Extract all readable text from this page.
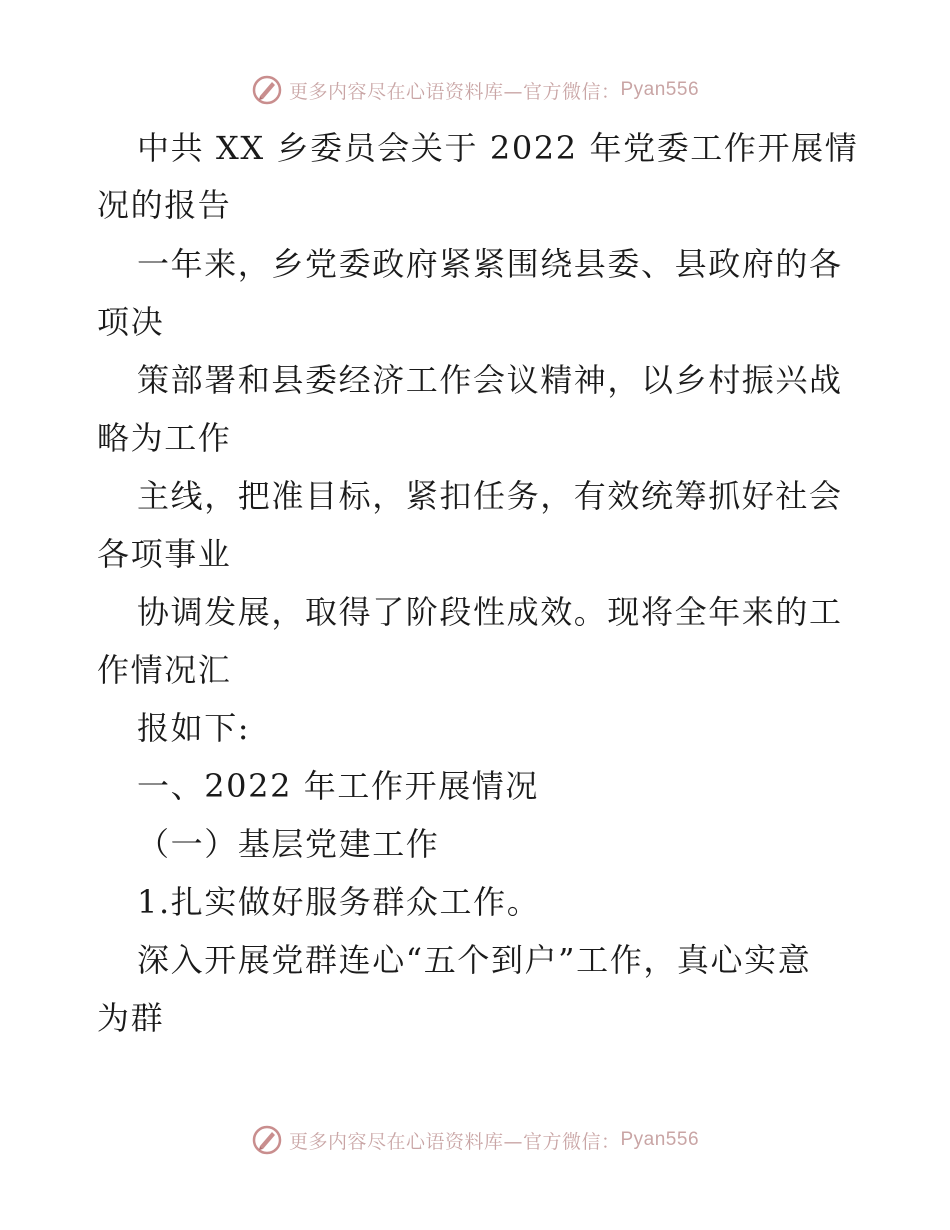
更多内容尽在心语资料库—官方微信： Pyan556
中共 XX 乡委员会关于 2022 年党委工作开展情
况的报告
一年来，乡党委政府紧紧围绕县委、县政府的各
项决
策部署和县委经济工作会议精神，以乡村振兴战
略为工作
主线，把准目标，紧扣任务，有效统筹抓好社会
各项事业
协调发展，取得了阶段性成效。现将全年来的工
作情况汇
报如下:
一、2022 年工作开展情况
（一）基层党建工作
1.扎实做好服务群众工作。
深入开展党群连心“五个到户”工作，真心实意
为群
更多内容尽在心语资料库—官方微信： Pyan556
